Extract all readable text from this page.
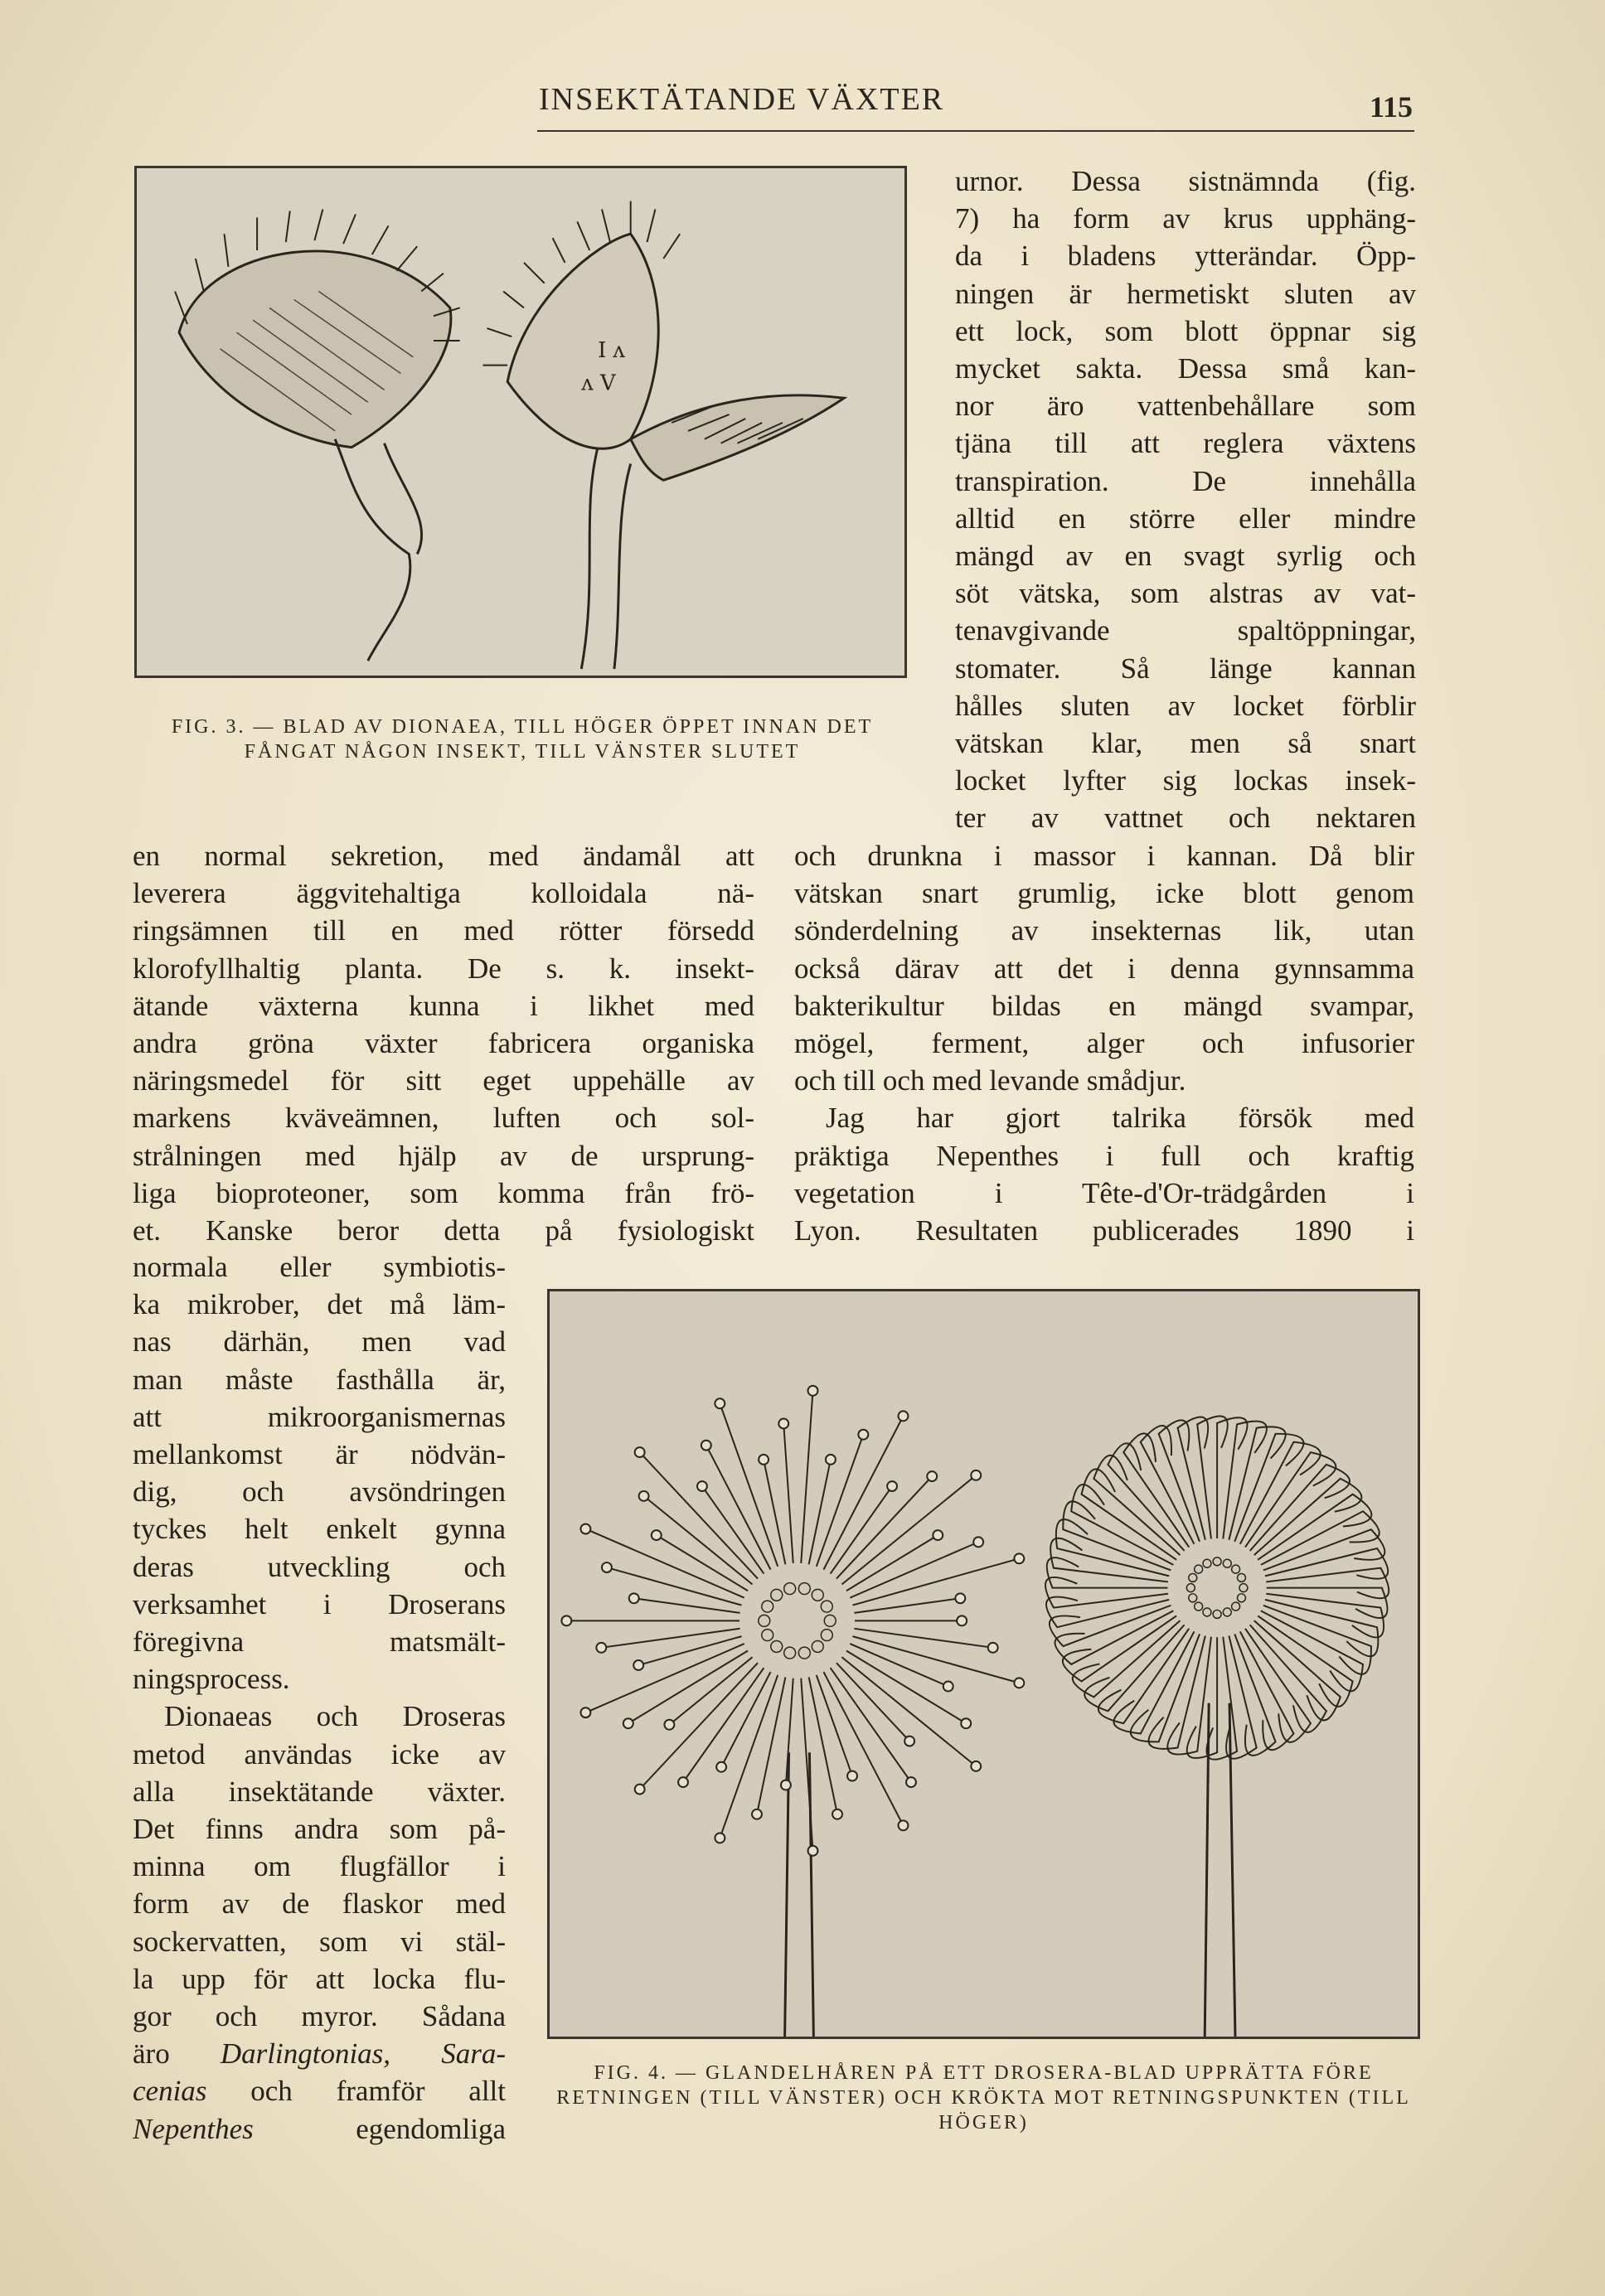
INSEKTÄTANDE VÄXTER	115
I ʌ
ʌ V
FIG. 3. — BLAD AV DIONAEA, TILL HÖGER ÖPPET INNAN DET FÅNGAT NÅGON INSEKT, TILL VÄNSTER SLUTET
urnor. Dessa sistnämnda (fig.
7) ha form av krus upphäng-
da i bladens ytterändar. Öpp-
ningen är hermetiskt sluten av
ett lock, som blott öppnar sig
mycket sakta. Dessa små kan-
nor äro vattenbehållare som
tjäna till att reglera växtens
transpiration. De innehålla
alltid en större eller mindre
mängd av en svagt syrlig och
söt vätska, som alstras av vat-
tenavgivande spaltöppningar,
stomater. Så länge kannan
hålles sluten av locket förblir
vätskan klar, men så snart
locket lyfter sig lockas insek-
ter av vattnet och nektaren
en normal sekretion, med ändamål att
leverera äggvitehaltiga kolloidala nä-
ringsämnen till en med rötter försedd
klorofyllhaltig planta. De s. k. insekt-
ätande växterna kunna i likhet med
andra gröna växter fabricera organiska
näringsmedel för sitt eget uppehälle av
markens kväveämnen, luften och sol-
strålningen med hjälp av de ursprung-
liga bioproteoner, som komma från frö-
et. Kanske beror detta på fysiologiskt
och drunkna i massor i kannan. Då blir
vätskan snart grumlig, icke blott genom
sönderdelning av insekternas lik, utan
också därav att det i denna gynnsamma
bakterikultur bildas en mängd svampar,
mögel, ferment, alger och infusorier
och till och med levande smådjur.
Jag har gjort talrika försök med
präktiga Nepenthes i full och kraftig
vegetation i Tête-d'Or-trädgården i
Lyon. Resultaten publicerades 1890 i
normala eller symbiotis-
ka mikrober, det må läm-
nas därhän, men vad
man måste fasthålla är,
att mikroorganismernas
mellankomst är nödvän-
dig, och avsöndringen
tyckes helt enkelt gynna
deras utveckling och
verksamhet i Droserans
föregivna matsmält-
ningsprocess.
Dionaeas och Droseras
metod användas icke av
alla insektätande växter.
Det finns andra som på-
minna om flugfällor i
form av de flaskor med
sockervatten, som vi stäl-
la upp för att locka flu-
gor och myror. Sådana
äro Darlingtonias, Sara-
cenias och framför allt
Nepenthes	egendomliga
FIG. 4. — GLANDELHÅREN PÅ ETT DROSERA-BLAD UPPRÄTTA FÖRE RETNINGEN (TILL VÄNSTER) OCH KRÖKTA MOT RETNINGSPUNKTEN (TILL HÖGER)
